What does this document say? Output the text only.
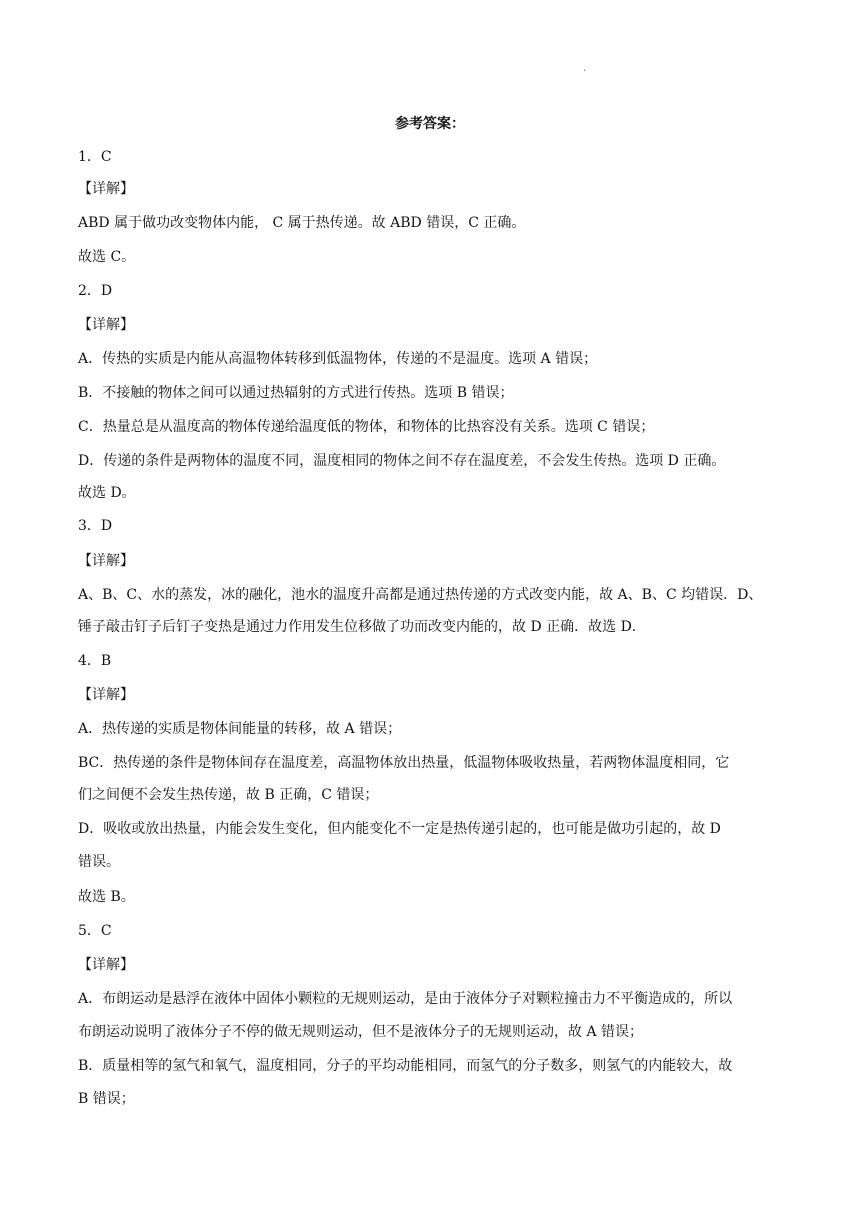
·
参考答案：
1．C
【详解】
ABD 属于做功改变物体内能， C 属于热传递。故 ABD 错误，C 正确。
故选 C。
2．D
【详解】
A．传热的实质是内能从高温物体转移到低温物体，传递的不是温度。选项 A 错误；
B．不接触的物体之间可以通过热辐射的方式进行传热。选项 B 错误；
C．热量总是从温度高的物体传递给温度低的物体，和物体的比热容没有关系。选项 C 错误；
D．传递的条件是两物体的温度不同，温度相同的物体之间不存在温度差，不会发生传热。选项 D 正确。
故选 D。
3．D
【详解】
A、B、C、水的蒸发，冰的融化，池水的温度升高都是通过热传递的方式改变内能，故 A、B、C 均错误．D、
锤子敲击钉子后钉子变热是通过力作用发生位移做了功而改变内能的，故 D 正确．故选 D．
4．B
【详解】
A．热传递的实质是物体间能量的转移，故 A 错误；
BC．热传递的条件是物体间存在温度差，高温物体放出热量，低温物体吸收热量，若两物体温度相同，它
们之间便不会发生热传递，故 B 正确，C 错误；
D．吸收或放出热量，内能会发生变化，但内能变化不一定是热传递引起的，也可能是做功引起的，故 D
错误。
故选 B。
5．C
【详解】
A．布朗运动是悬浮在液体中固体小颗粒的无规则运动，是由于液体分子对颗粒撞击力不平衡造成的，所以
布朗运动说明了液体分子不停的做无规则运动，但不是液体分子的无规则运动，故 A 错误；
B．质量相等的氢气和氧气，温度相同，分子的平均动能相同，而氢气的分子数多，则氢气的内能较大，故
B 错误；
